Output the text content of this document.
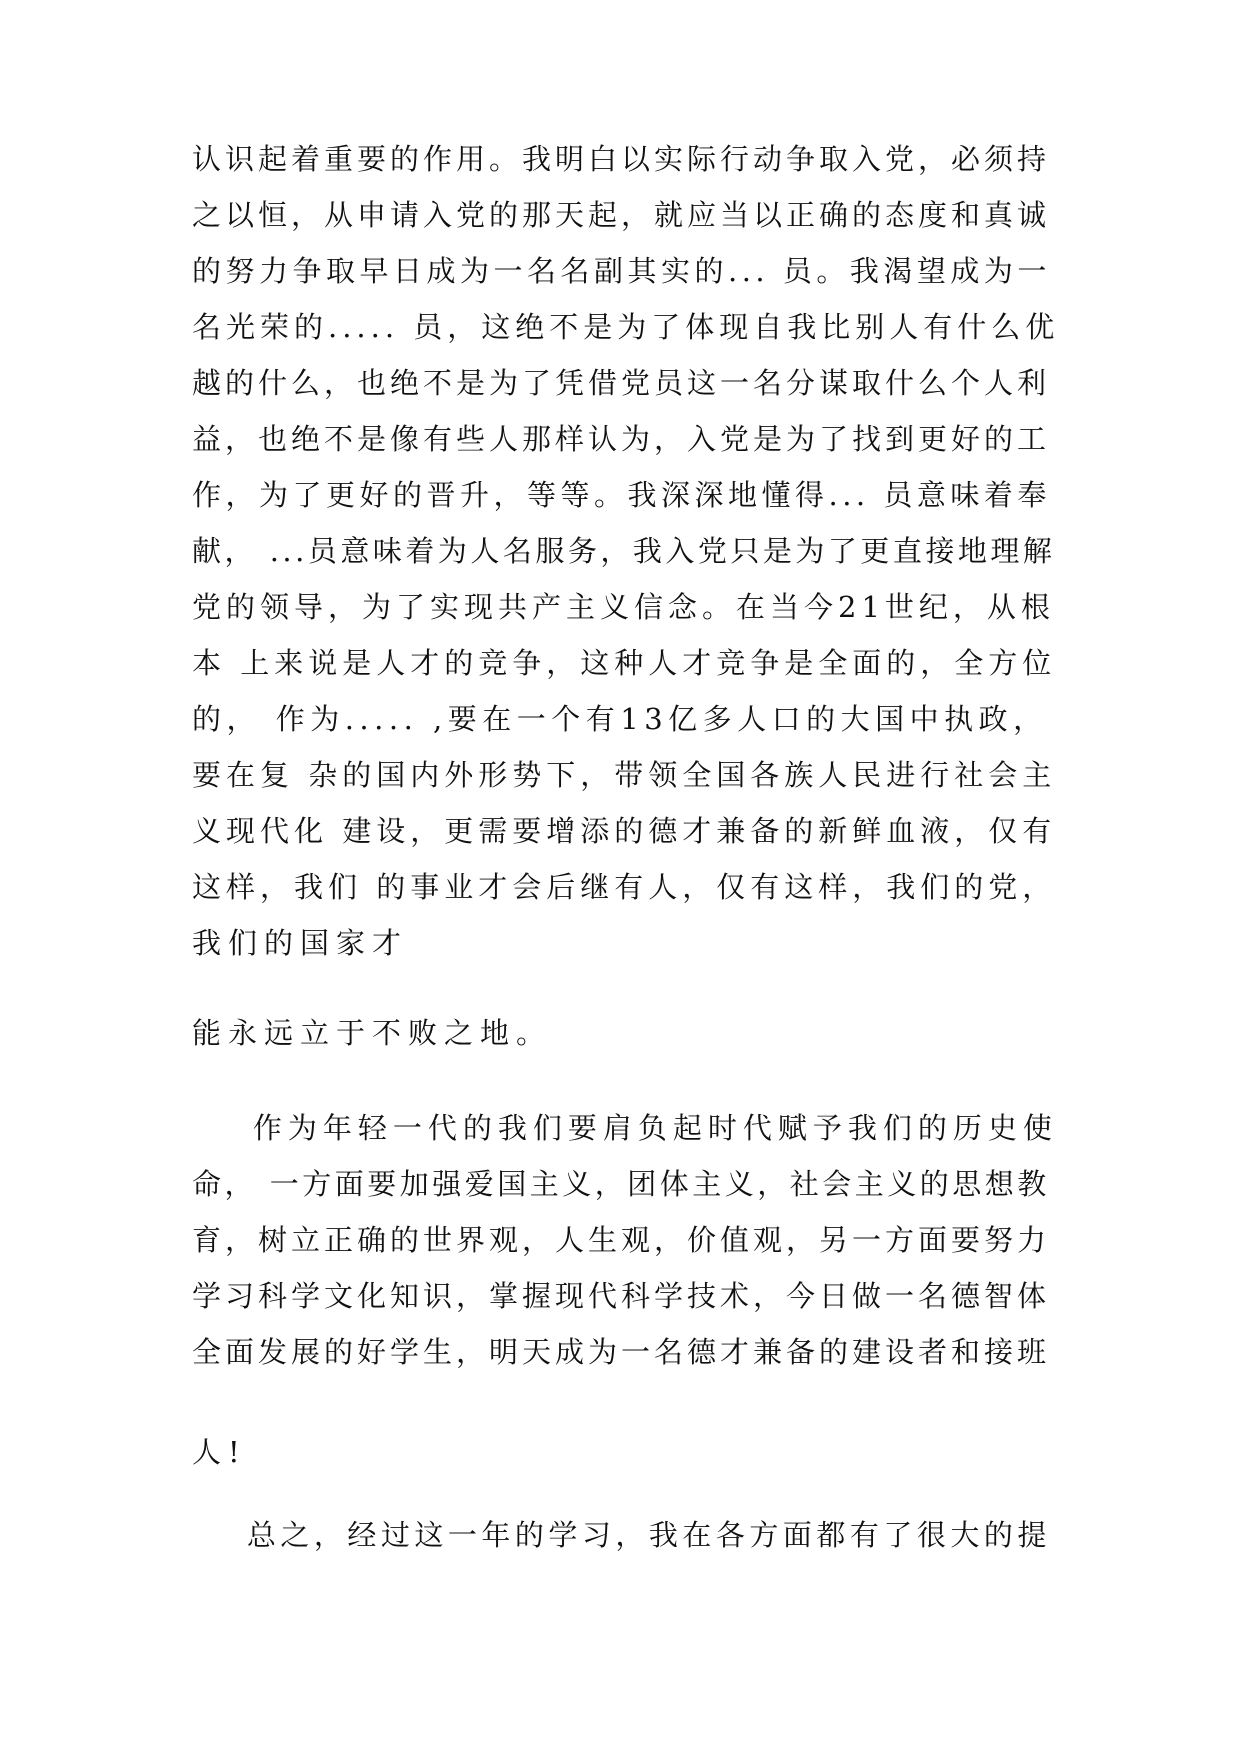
认识起着重要的作用。我明白以实际行动争取入党，必须持
之以恒，从申请入党的那天起，就应当以正确的态度和真诚
的努力争取早日成为一名名副其实的... 员。我渴望成为一
名光荣的..... 员，这绝不是为了体现自我比别人有什么优
越的什么，也绝不是为了凭借党员这一名分谋取什么个人利
益，也绝不是像有些人那样认为，入党是为了找到更好的工
作，为了更好的晋升，等等。我深深地懂得... 员意味着奉
献， ...员意味着为人名服务，我入党只是为了更直接地理解
党的领导，为了实现共产主义信念。在当今21世纪，从根
本 上来说是人才的竞争，这种人才竞争是全面的，全方位
的， 作为..... ,要在一个有13亿多人口的大国中执政，
要在复 杂的国内外形势下，带领全国各族人民进行社会主
义现代化 建设，更需要增添的德才兼备的新鲜血液，仅有
这样，我们 的事业才会后继有人，仅有这样，我们的党，
我们的国家才
能永远立于不败之地。
作为年轻一代的我们要肩负起时代赋予我们的历史使
命， 一方面要加强爱国主义，团体主义，社会主义的思想教
育，树立正确的世界观，人生观，价值观，另一方面要努力
学习科学文化知识，掌握现代科学技术，今日做一名德智体
全面发展的好学生，明天成为一名德才兼备的建设者和接班
人!
总之，经过这一年的学习，我在各方面都有了很大的提
